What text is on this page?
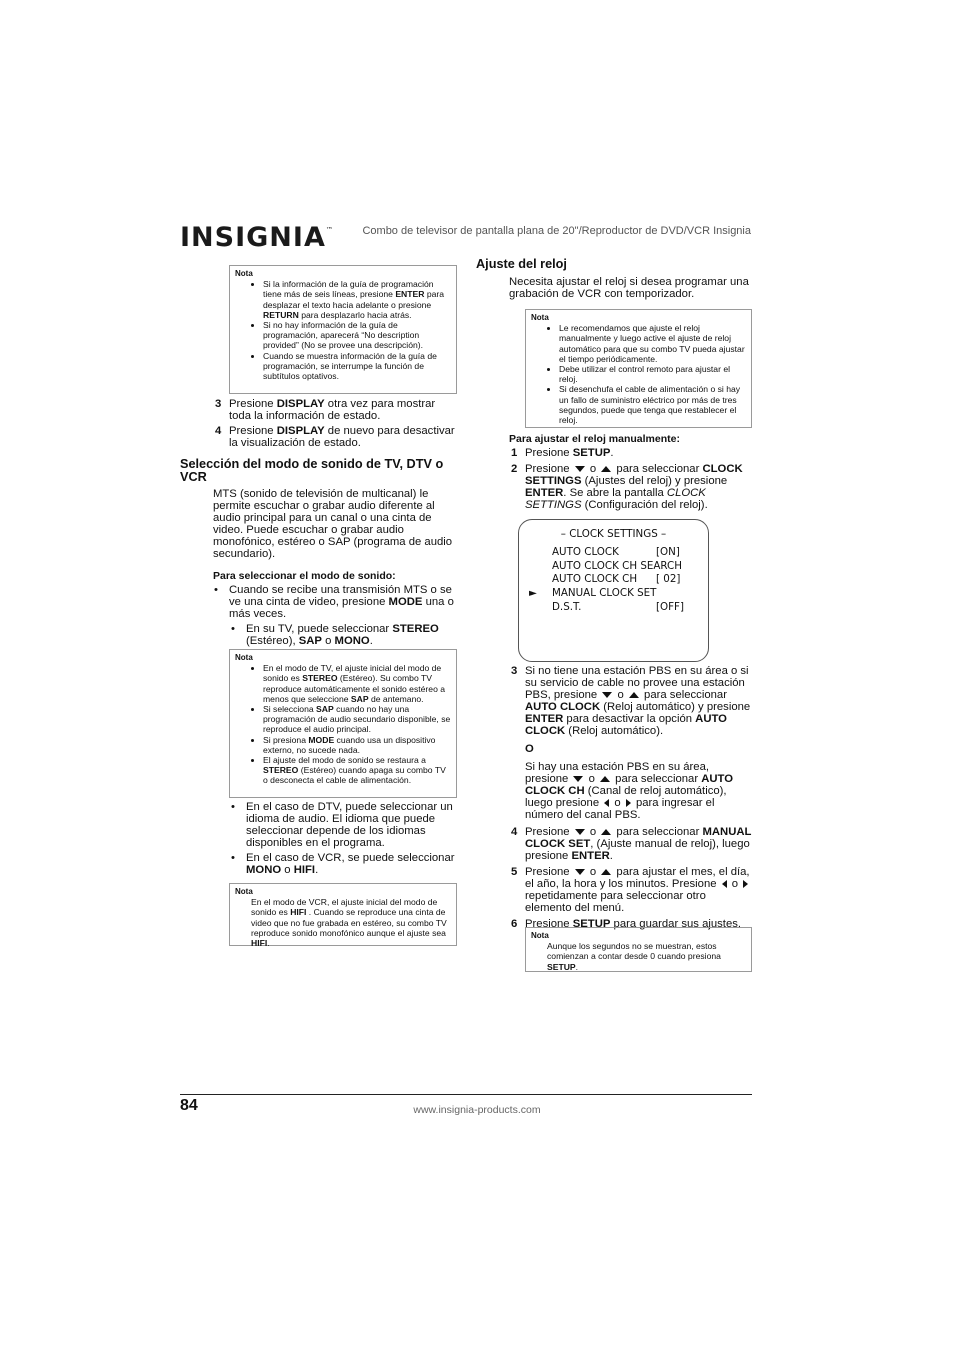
INSIGNIA™	Combo de televisor de pantalla plana de 20"/Reproductor de DVD/VCR Insignia
Nota
• Si la información de la guía de programación tiene más de seis líneas, presione ENTER para desplazar el texto hacia adelante o presione RETURN para desplazarlo hacia atrás.
• Si no hay información de la guía de programación, aparecerá “No description provided” (No se provee una descripción).
• Cuando se muestra información de la guía de programación, se interrumpe la función de subtítulos optativos.
3 Presione DISPLAY otra vez para mostrar toda la información de estado.
4 Presione DISPLAY de nuevo para desactivar la visualización de estado.
Selección del modo de sonido de TV, DTV o VCR

MTS (sonido de televisión de multicanal) le permite escuchar o grabar audio diferente al audio principal para un canal o una cinta de video. Puede escuchar o grabar audio monofónico, estéreo o SAP (programa de audio secundario).

Para seleccionar el modo de sonido:

• Cuando se recibe una transmisión MTS o se ve una cinta de video, presione MODE una o más veces.
• En su TV, puede seleccionar STEREO (Estéreo), SAP o MONO.
Nota
• En el modo de TV, el ajuste inicial del modo de sonido es STEREO (Estéreo). Su combo TV reproduce automáticamente el sonido estéreo a menos que seleccione SAP de antemano.
• Si selecciona SAP cuando no hay una programación de audio secundario disponible, se reproduce el audio principal.
• Si presiona MODE cuando usa un dispositivo externo, no sucede nada.
• El ajuste del modo de sonido se restaura a STEREO (Estéreo) cuando apaga su combo TV o desconecta el cable de alimentación.
• En el caso de DTV, puede seleccionar un idioma de audio. El idioma que puede seleccionar depende de los idiomas disponibles en el programa.
• En el caso de VCR, se puede seleccionar MONO o HIFI.
Nota

En el modo de VCR, el ajuste inicial del modo de sonido es HIFI . Cuando se reproduce una cinta de video que no fue grabada en estéreo, su combo TV reproduce sonido monofónico aunque el ajuste sea HIFI.

Ajuste del reloj

Necesita ajustar el reloj si desea programar una grabación de VCR con temporizador.

Nota
• Le recomendamos que ajuste el reloj manualmente y luego active el ajuste de reloj automático para que su combo TV pueda ajustar el tiempo periódicamente.
• Debe utilizar el control remoto para ajustar el reloj.
• Si desenchufa el cable de alimentación o si hay un fallo de suministro eléctrico por más de tres segundos, puede que tenga que restablecer el reloj.

Para ajustar el reloj manualmente:

1 Presione SETUP.
2 Presione  o  para seleccionar CLOCK SETTINGS (Ajustes del reloj) y presione ENTER. Se abre la pantalla CLOCK SETTINGS (Configuración del reloj).
– CLOCK SETTINGS –
AUTO CLOCK	[ON]
AUTO CLOCK CH SEARCH
AUTO CLOCK CH [ 02]
► MANUAL CLOCK SET
D.S.T.	[OFF]
3 Si no tiene una estación PBS en su área o si su servicio de cable no provee una estación PBS, presione  o  para seleccionar AUTO CLOCK (Reloj automático) y presione ENTER para desactivar la opción AUTO CLOCK (Reloj automático).
O
Si hay una estación PBS en su área, presione  o  para seleccionar AUTO CLOCK CH (Canal de reloj automático), luego presione  o  para ingresar el número del canal PBS.
4 Presione  o  para seleccionar MANUAL CLOCK SET, (Ajuste manual de reloj), luego presione ENTER.
5 Presione  o  para ajustar el mes, el día, el año, la hora y los minutos. Presione  o  repetidamente para seleccionar otro elemento del menú.
6 Presione SETUP para guardar sus ajustes.
Nota

Aunque los segundos no se muestran, estos comienzan a contar desde 0 cuando presiona SETUP.

84	www.insignia-products.com
